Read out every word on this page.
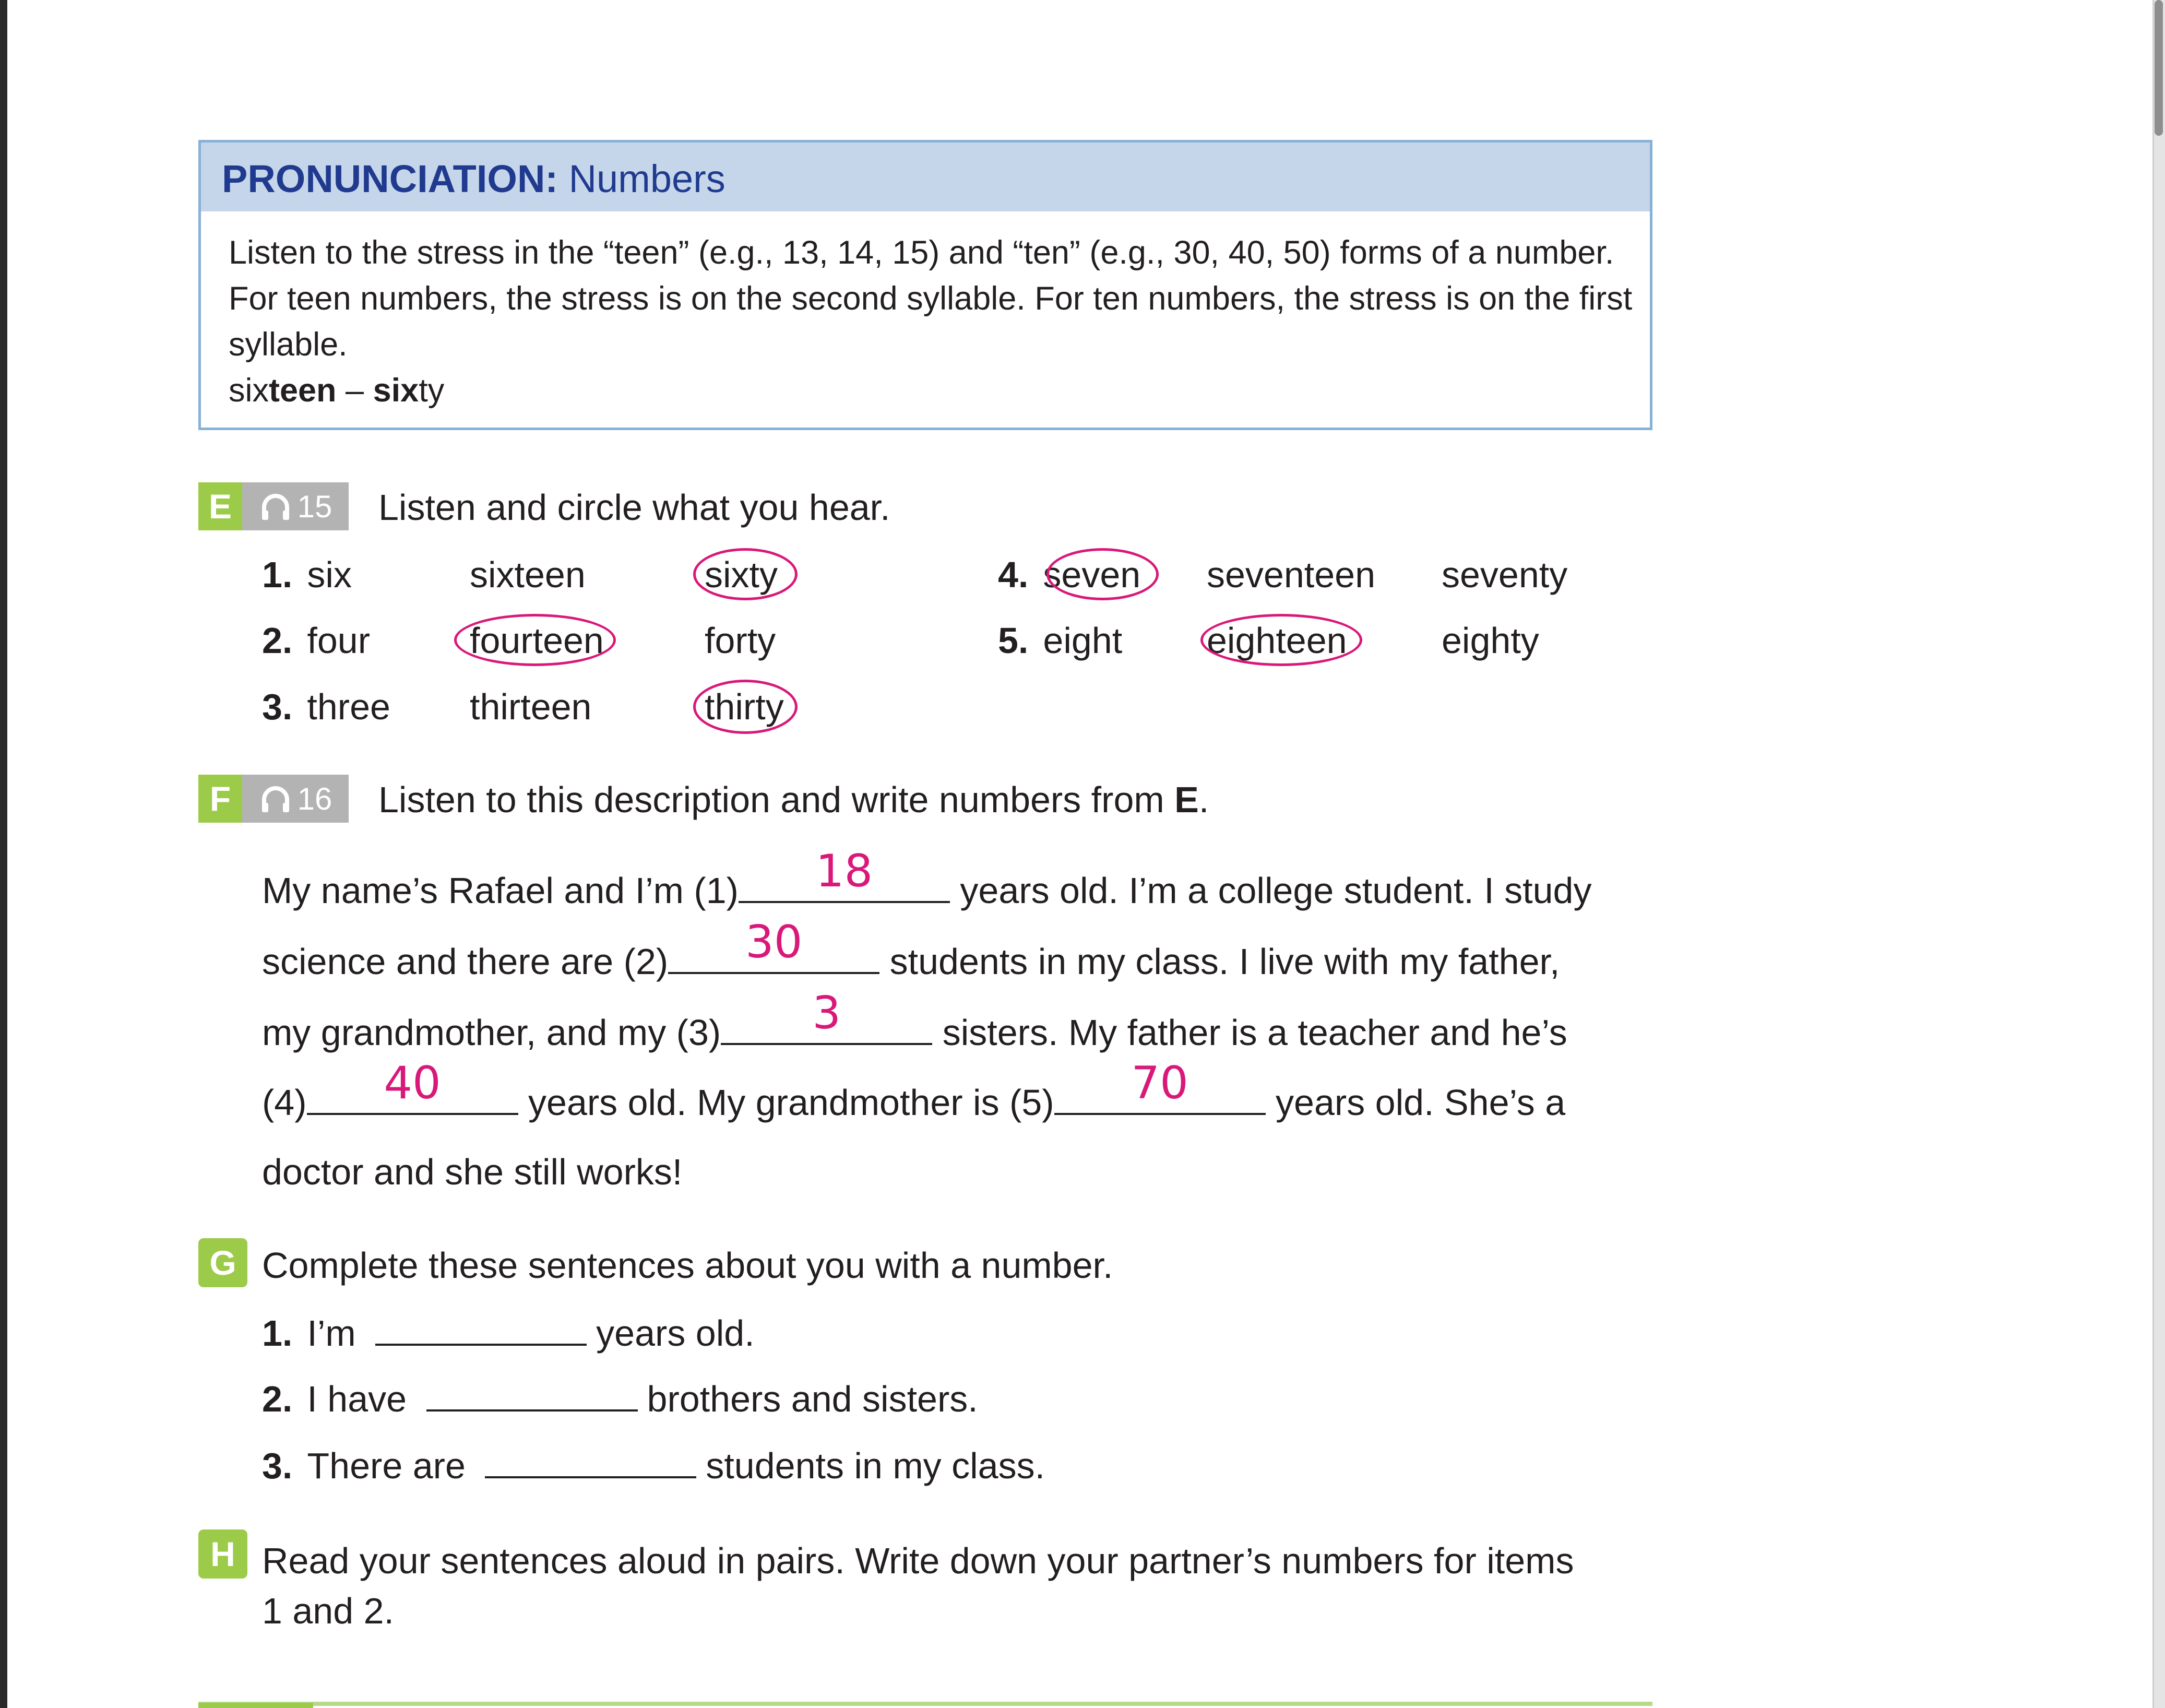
PRONUNCIATION: Numbers
Listen to the stress in the “teen” (e.g., 13, 14, 15) and “ten” (e.g., 30, 40, 50) forms of a number. For teen numbers, the stress is on the second syllable. For ten numbers, the stress is on the first syllable.
sixteen – sixty
E	15 Listen and circle what you hear.
1. six	sixteen	sixty
2. four	fourteen	forty
3. three thirteen	thirty
4. seven seventeen seventy
5. eight eighteen	eighty
F	16 Listen to this description and write numbers from E.
My name’s Rafael and I’m (1)	18	years old. I’m a college student. I study
science and there are (2)	30	students in my class. I live with my father,
my grandmother, and my (3)	3	sisters. My father is a teacher and he’s
(4)	40	years old. My grandmother is (5)	70	years old. She’s a
doctor and she still works!
G Complete these sentences about you with a number.
1. I’m	years old.
2. I have	brothers and sisters.
3. There are	students in my class.
H Read your sentences aloud in pairs. Write down your partner’s numbers for items
1 and 2.
